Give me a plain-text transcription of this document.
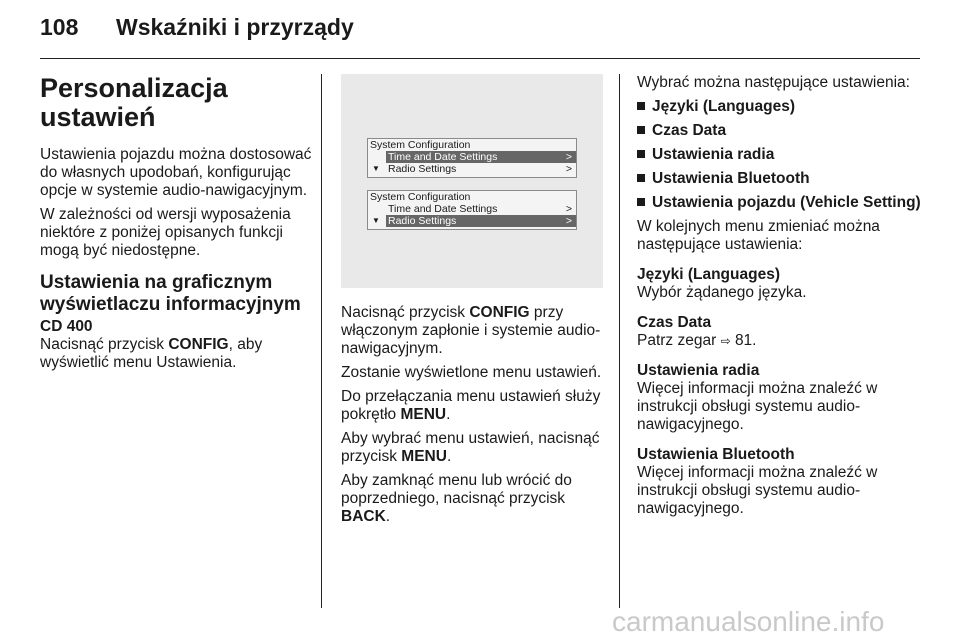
108 Wskaźniki i przyrządy
Personalizacja
ustawień

Ustawienia pojazdu można dostosować do własnych upodobań, konfigurując opcje w systemie audio-nawigacyjnym.

W zależności od wersji wyposażenia niektóre z poniżej opisanych funkcji mogą być niedostępne.

Ustawienia na graficznym wyświetlaczu informacyjnym
CD 400

Nacisnąć przycisk CONFIG, aby wyświetlić menu Ustawienia.

System Configuration
Time and Date Settings	>
▼ Radio Settings	>
System Configuration
Time and Date Settings	>
▼ Radio Settings	>

Nacisnąć przycisk CONFIG przy włączonym zapłonie i systemie audio-nawigacyjnym.

Zostanie wyświetlone menu ustawień.

Do przełączania menu ustawień służy pokrętło MENU.

Aby wybrać menu ustawień, nacisnąć przycisk MENU.

Aby zamknąć menu lub wrócić do poprzedniego, nacisnąć przycisk BACK.

Wybrać można następujące ustawienia:

Języki (Languages)
Czas Data
Ustawienia radia
Ustawienia Bluetooth
Ustawienia pojazdu (Vehicle Setting)

W kolejnych menu zmieniać można następujące ustawienia:

Języki (Languages)
Wybór żądanego języka.
Czas Data
Patrz zegar ⇨ 81.
Ustawienia radia
Więcej informacji można znaleźć w instrukcji obsługi systemu audio-nawigacyjnego.
Ustawienia Bluetooth
Więcej informacji można znaleźć w instrukcji obsługi systemu audio-nawigacyjnego.
carmanualsonline.info
